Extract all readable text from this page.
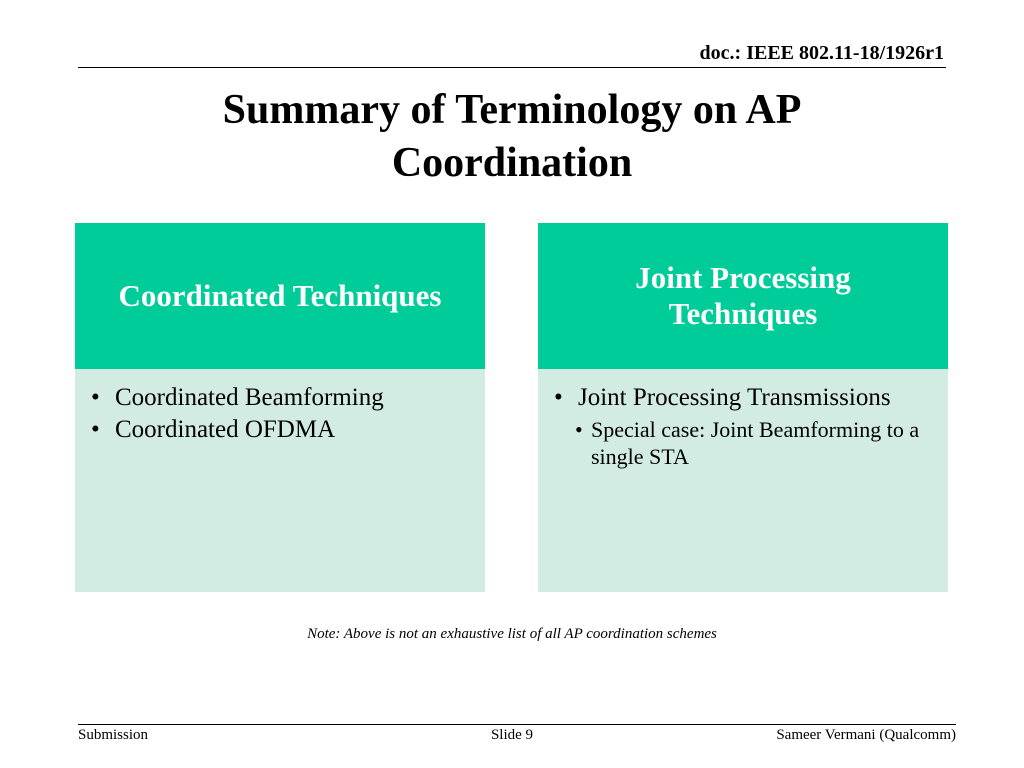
doc.: IEEE 802.11-18/1926r1
Summary of Terminology on AP Coordination
Coordinated Techniques
• Coordinated Beamforming
• Coordinated OFDMA
Joint Processing Techniques
• Joint Processing Transmissions
• Special case: Joint Beamforming to a single STA
Note: Above is not an exhaustive list of all AP coordination schemes
Submission	Slide 9	Sameer Vermani (Qualcomm)
